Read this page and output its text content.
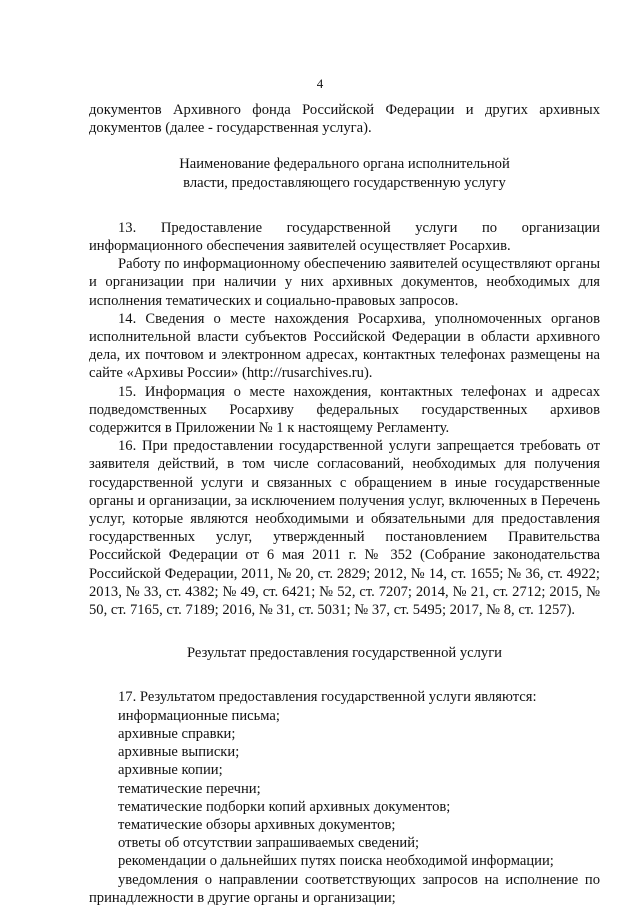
4

документов Архивного фонда Российской Федерации и других архивных

документов (далее - государственная услуга).

Наименование федерального органа исполнительной

власти, предоставляющего государственную услугу

13. Предоставление государственной услуги по организации информационного обеспечения заявителей осуществляет Росархив.

Работу по информационному обеспечению заявителей осуществляют органы и организации при наличии у них архивных документов, необходимых для исполнения тематических и социально-правовых запросов.

14. Сведения о месте нахождения Росархива, уполномоченных органов исполнительной власти субъектов Российской Федерации в области архивного дела, их почтовом и электронном адресах, контактных телефонах размещены на сайте «Архивы России» (http://rusarchives.ru).

15. Информация о месте нахождения, контактных телефонах и адресах подведомственных Росархиву федеральных государственных архивов содержится в Приложении № 1 к настоящему Регламенту.

16. При предоставлении государственной услуги запрещается требовать от заявителя действий, в том числе согласований, необходимых для получения государственной услуги и связанных с обращением в иные государственные органы и организации, за исключением получения услуг, включенных в Перечень услуг, которые являются необходимыми и обязательными для предоставления государственных услуг, утвержденный постановлением Правительства Российской Федерации от 6 мая 2011 г. № 352 (Собрание законодательства Российской Федерации, 2011, № 20, ст. 2829; 2012, № 14, ст. 1655; № 36, ст. 4922; 2013, № 33, ст. 4382; № 49, ст. 6421; № 52, ст. 7207; 2014, № 21, ст. 2712; 2015, № 50, ст. 7165, ст. 7189; 2016, № 31, ст. 5031; № 37, ст. 5495; 2017, № 8, ст. 1257).

Результат предоставления государственной услуги

17. Результатом предоставления государственной услуги являются:

информационные письма;

архивные справки;

архивные выписки;

архивные копии;

тематические перечни;

тематические подборки копий архивных документов;

тематические обзоры архивных документов;

ответы об отсутствии запрашиваемых сведений;

рекомендации о дальнейших путях поиска необходимой информации;

уведомления о направлении соответствующих запросов на исполнение по принадлежности в другие органы и организации;
